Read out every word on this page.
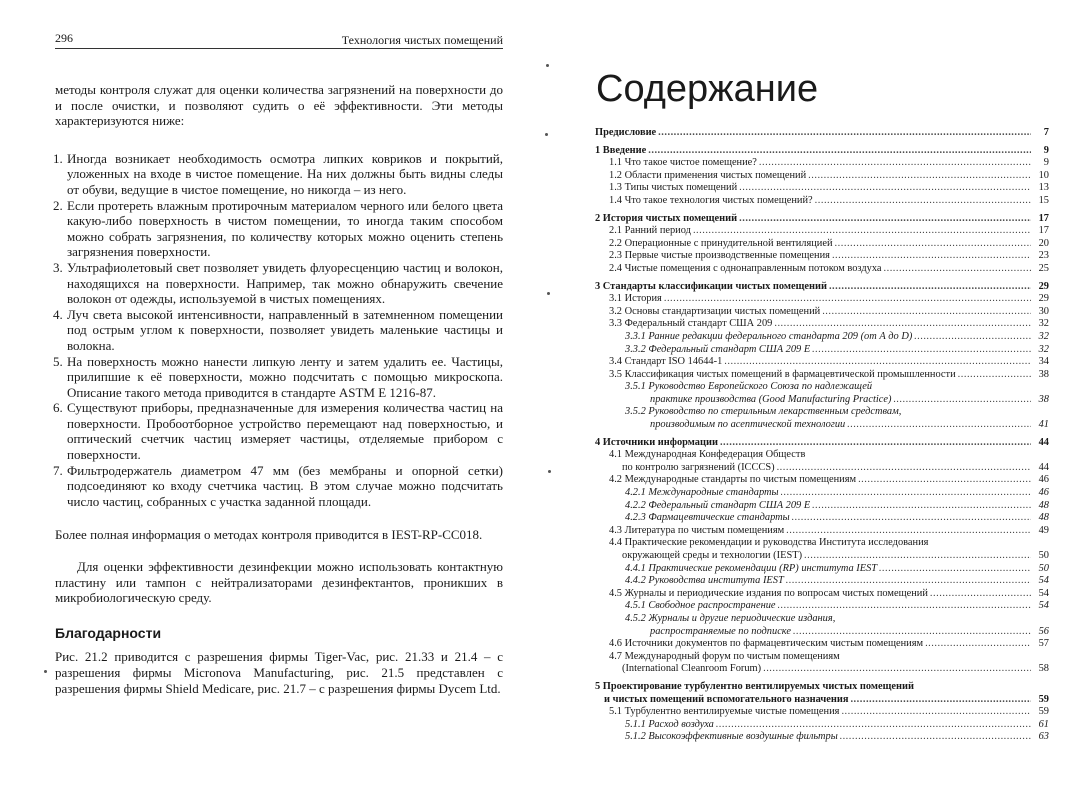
296	Технология чистых помещений

методы контроля служат для оценки количества загрязнений на поверхности до и после очистки, и позволяют судить о её эффективности. Эти методы характеризуются ниже:

1. Иногда возникает необходимость осмотра липких ковриков и покрытий, уложенных на входе в чистое помещение. На них должны быть видны следы от обуви, ведущие в чистое помещение, но никогда – из него.
2. Если протереть влажным протирочным материалом черного или белого цвета какую-либо поверхность в чистом помещении, то иногда таким способом можно собрать загрязнения, по количеству которых можно оценить степень загрязнения поверхности.
3. Ультрафиолетовый свет позволяет увидеть флуоресценцию частиц и волокон, находящихся на поверхности. Например, так можно обнаружить свечение волокон от одежды, используемой в чистых помещениях.
4. Луч света высокой интенсивности, направленный в затемненном помещении под острым углом к поверхности, позволяет увидеть маленькие частицы и волокна.
5. На поверхность можно нанести липкую ленту и затем удалить ее. Частицы, прилипшие к её поверхности, можно подсчитать с помощью микроскопа. Описание такого метода приводится в стандарте ASTM E 1216-87.
6. Существуют приборы, предназначенные для измерения количества частиц на поверхности. Пробоотборное устройство перемещают над поверхностью, и оптический счетчик частиц измеряет частицы, отделяемые прибором с поверхности.
7. Фильтродержатель диаметром 47 мм (без мембраны и опорной сетки) подсоединяют ко входу счетчика частиц. В этом случае можно подсчитать число частиц, собранных с участка заданной площади.

Более полная информация о методах контроля приводится в IEST-RP-CC018.

Для оценки эффективности дезинфекции можно использовать контактную пластину или тампон с нейтрализаторами дезинфектантов, проникших в микробиологическую среду.

Благодарности

Рис. 21.2 приводится с разрешения фирмы Tiger-Vac, рис. 21.33 и 21.4 – с разрешения фирмы Micronova Manufacturing, рис. 21.5 представлен с разрешения фирмы Shield Medicare, рис. 21.7 – с разрешения фирмы Dycem Ltd.

Содержание
Предисловие .....	7
1 Введение .....	9
1.1 Что такое чистое помещение? .....	9
1.2 Области применения чистых помещений .....	10
1.3 Типы чистых помещений .....	13
1.4 Что такое технология чистых помещений? .....	15
2 История чистых помещений .....	17
2.1 Ранний период .....	17
2.2 Операционные с принудительной вентиляцией .....	20
2.3 Первые чистые производственные помещения .....	23
2.4 Чистые помещения с однонаправленным потоком воздуха .....	25
3 Стандарты классификации чистых помещений .....	29
3.1 История .....	29
3.2 Основы стандартизации чистых помещений .....	30
3.3 Федеральный стандарт США 209 .....	32
3.3.1 Ранние редакции федерального стандарта 209 (от А до D) .....	32
3.3.2 Федеральный стандарт США 209 Е .....	32
3.4 Стандарт ISO 14644-1 .....	34
3.5 Классификация чистых помещений в фармацевтической промышленности .....	38
3.5.1 Руководство Европейского Союза по надлежащей
практике производства (Good Manufacturing Practice) .....	38
3.5.2 Руководство по стерильным лекарственным средствам,
производимым по асептической технологии .....	41
4 Источники информации .....	44
4.1 Международная Конфедерация Обществ
по контролю загрязнений (ICCCS) .....	44
4.2 Международные стандарты по чистым помещениям .....	46
4.2.1 Международные стандарты .....	46
4.2.2 Федеральный стандарт США 209 Е .....	48
4.2.3 Фармацевтические стандарты .....	48
4.3 Литература по чистым помещениям .....	49
4.4 Практические рекомендации и руководства Института исследования
окружающей среды и технологии (IEST) .....	50
4.4.1 Практические рекомендации (RP) института IEST .....	50
4.4.2 Руководства института IEST .....	54
4.5 Журналы и периодические издания по вопросам чистых помещений .....	54
4.5.1 Свободное распространение .....	54
4.5.2 Журналы и другие периодические издания,
распространяемые по подписке .....	56
4.6 Источники документов по фармацевтическим чистым помещениям .....	57
4.7 Международный форум по чистым помещениям
(International Cleanroom Forum) .....	58
5 Проектирование турбулентно вентилируемых чистых помещений
и чистых помещений вспомогательного назначения .....	59
5.1 Турбулентно вентилируемые чистые помещения .....	59
5.1.1 Расход воздуха .....	61
5.1.2 Высокоэффективные воздушные фильтры .....	63
